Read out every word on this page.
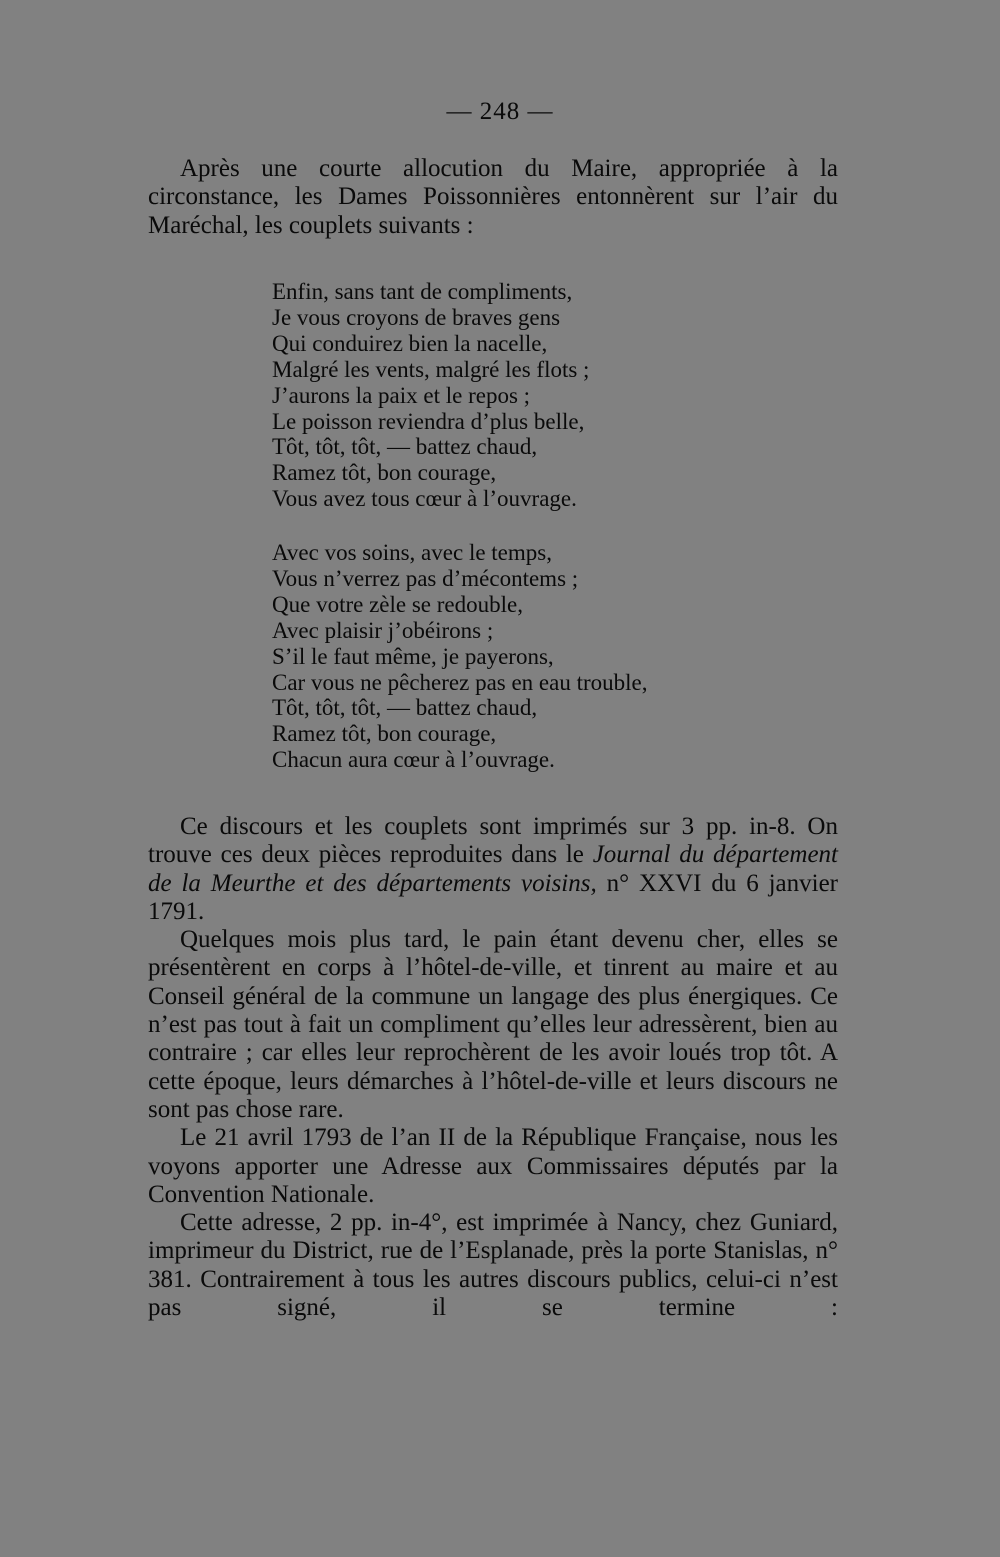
— 248 —

Après une courte allocution du Maire, appropriée à la circonstance, les Dames Poissonnières entonnèrent sur l’air du Maréchal, les couplets suivants :

Enfin, sans tant de compliments,
Je vous croyons de braves gens
Qui conduirez bien la nacelle,
Malgré les vents, malgré les flots ;
J’aurons la paix et le repos ;
Le poisson reviendra d’plus belle,
Tôt, tôt, tôt, — battez chaud,
Ramez tôt, bon courage,
Vous avez tous cœur à l’ouvrage.
Avec vos soins, avec le temps,
Vous n’verrez pas d’mécontems ;
Que votre zèle se redouble,
Avec plaisir j’obéirons ;
S’il le faut même, je payerons,
Car vous ne pêcherez pas en eau trouble,
Tôt, tôt, tôt, — battez chaud,
Ramez tôt, bon courage,
Chacun aura cœur à l’ouvrage.

Ce discours et les couplets sont imprimés sur 3 pp. in-8. On trouve ces deux pièces reproduites dans le Journal du département de la Meurthe et des départements voisins, n° XXVI du 6 janvier 1791.

Quelques mois plus tard, le pain étant devenu cher, elles se présentèrent en corps à l’hôtel-de-ville, et tinrent au maire et au Conseil général de la commune un langage des plus énergiques. Ce n’est pas tout à fait un compliment qu’elles leur adressèrent, bien au contraire ; car elles leur reprochèrent de les avoir loués trop tôt. A cette époque, leurs démarches à l’hôtel-de-ville et leurs discours ne sont pas chose rare.

Le 21 avril 1793 de l’an II de la République Française, nous les voyons apporter une Adresse aux Commissaires députés par la Convention Nationale.

Cette adresse, 2 pp. in-4°, est imprimée à Nancy, chez Guniard, imprimeur du District, rue de l’Esplanade, près la porte Stanislas, n° 381. Contrairement à tous les autres discours publics, celui-ci n’est pas signé, il se termine :
